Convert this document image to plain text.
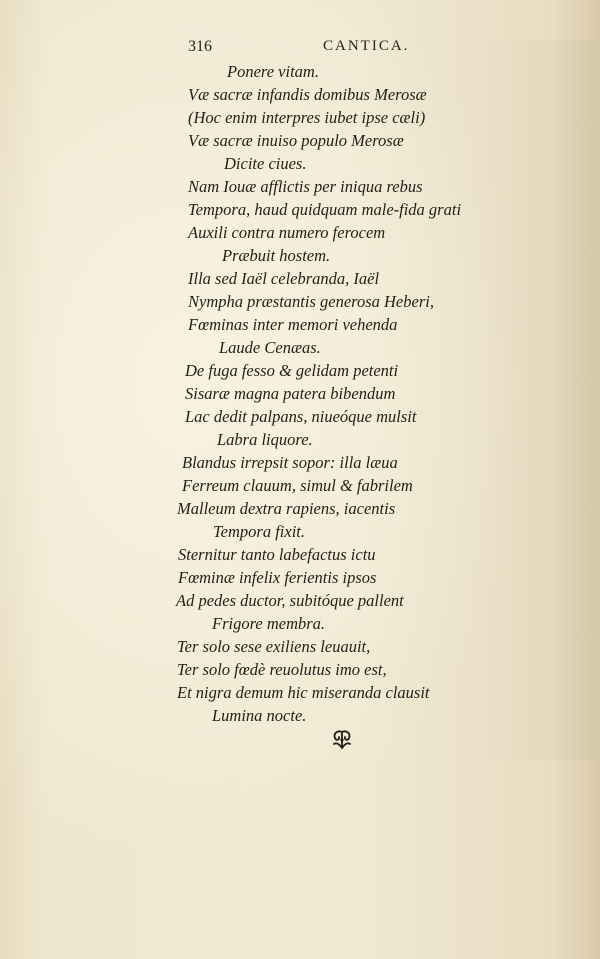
316	CANTICA.
Ponere vitam.
Væ sacræ infandis domibus Merosæ
(Hoc enim interpres iubet ipse cæli)
Væ sacræ inuiso populo Merosæ
Dicite ciues.
Nam Iouæ afflictis per iniqua rebus
Tempora, haud quidquam male-fida grati
Auxili contra numero ferocem
Præbuit hostem.
Illa sed Iaël celebranda, Iaël
Nympha præstantis generosa Heberi,
Fœminas inter memori vehenda
Laude Cenæas.
De fuga fesso & gelidam petenti
Sisaræ magna patera bibendum
Lac dedit palpans, niueóque mulsit
Labra liquore.
Blandus irrepsit sopor: illa læua
Ferreum clauum, simul & fabrilem
Malleum dextra rapiens, iacentis
Tempora fixit.
Sternitur tanto labefactus ictu
Fœminæ infelix ferientis ipsos
Ad pedes ductor, subitóque pallent
Frigore membra.
Ter solo sese exiliens leuauit,
Ter solo fœdè reuolutus imo est,
Et nigra demum hic miseranda clausit
Lumina nocte.
